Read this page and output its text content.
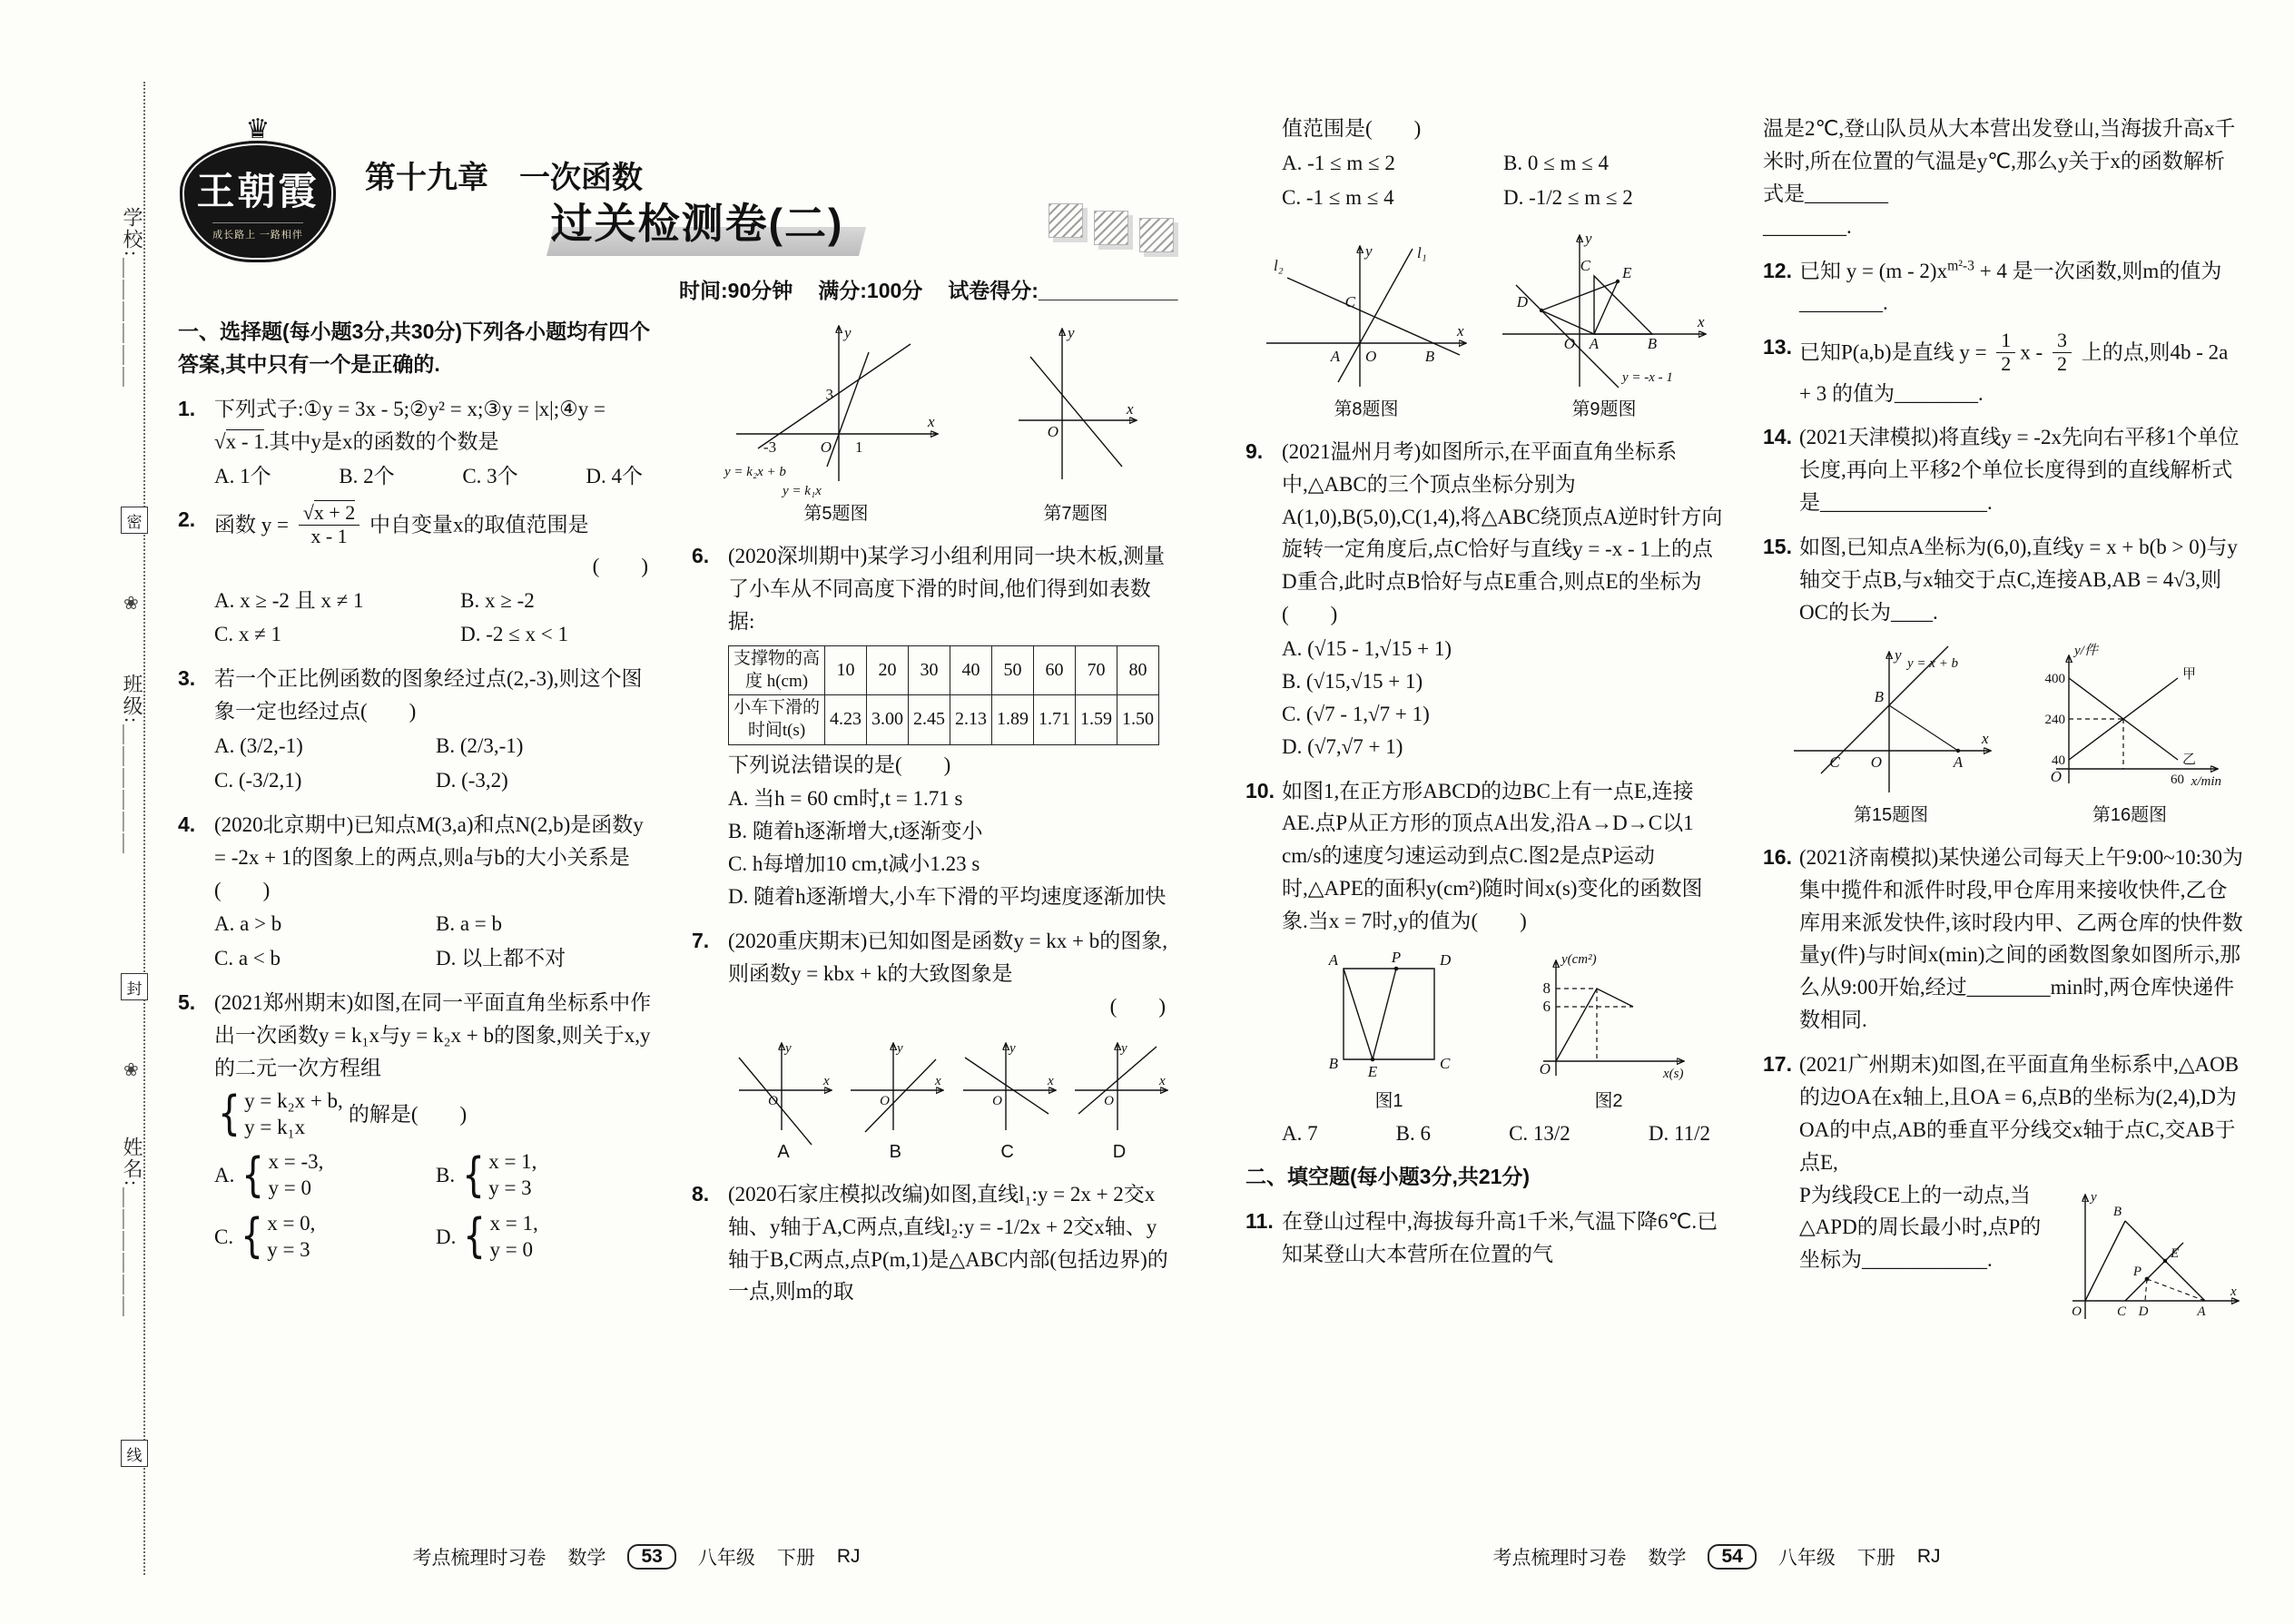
学校:＿＿＿＿＿＿
密
❀
班级:＿＿＿＿＿＿
封
❀
姓名:＿＿＿＿＿＿
线
♛
王朝霞
成长路上 一路相伴
第十九章　一次函数
过关检测卷(二)
时间:90分钟 满分:100分 试卷得分:____________
一、选择题(每小题3分,共30分)下列各小题均有四个答案,其中只有一个是正确的.
1. 下列式子:①y = 3x - 5;②y² = x;③y = |x|;④y = √x - 1.其中y是x的函数的个数是
A. 1个	B. 2个	C. 3个	D. 4个
2. 函数 $y = \frac{√x + 2}{x - 1}$ 中自变量x的取值范围是
(　　)
A. x ≥ -2 且 x ≠ 1	B. x ≥ -2
C. x ≠ 1	D. -2 ≤ x < 1
3. 若一个正比例函数的图象经过点(2,-3),则这个图象一定也经过点(　　)
A. (3/2,-1)	B. (2/3,-1)
C. (-3/2,1)	D. (-3,2)
4. (2020北京期中)已知点M(3,a)和点N(2,b)是函数y = -2x + 1的图象上的两点,则a与b的大小关系是(　　)
A. a > b	B. a = b
C. a < b	D. 以上都不对
5. (2021郑州期末)如图,在同一平面直角坐标系中作出一次函数y = k₁x与y = k₂x + b的图象,则关于x,y的二元一次方程组
{ y = k₂x + b,
y = k₁x
的解是(　　)
A. { x = -3,
y = 0
B. { x = 1,
y = 3
C. { x = 0,
y = 3
D. { x = 1,
y = 0
3
-3	O 1
y
x
y = k₂x + b
y = k₁x
第5题图
y
O
x
第7题图
6. (2020深圳期中)某学习小组利用同一块木板,测量了小车从不同高度下滑的时间,他们得到如表数据:
支撑物的高度 h(cm)	10	20	30	40	50	60	70	80
小车下滑的时间t(s)	4.23	3.00	2.45	2.13	1.89	1.71	1.59	1.50
下列说法错误的是(　　)
A. 当h = 60 cm时,t = 1.71 s
B. 随着h逐渐增大,t逐渐变小
C. h每增加10 cm,t减小1.23 s
D. 随着h逐渐增大,小车下滑的平均速度逐渐加快
7. (2020重庆期末)已知如图是函数y = kx + b的图象,则函数y = kbx + k的大致图象是
(　　)
y
O
x
A
y
O
x
B
y
O
x
C
y
O
x
D
8. (2020石家庄模拟改编)如图,直线l₁:y = 2x + 2交x轴、y轴于A,C两点,直线l₂:y = -1/2x + 2交x轴、y轴于B,C两点,点P(m,1)是△ABC内部(包括边界)的一点,则m的取
值范围是(　　)
A. -1 ≤ m ≤ 2	B. 0 ≤ m ≤ 4
C. -1 ≤ m ≤ 4	D. -1/2 ≤ m ≤ 2
l₂
y	l₁
C
A O	B
x
第8题图
y
C E
D
O A	B
x
y = -x - 1
第9题图
9. (2021温州月考)如图所示,在平面直角坐标系中,△ABC的三个顶点坐标分别为A(1,0),B(5,0),C(1,4),将△ABC绕顶点A逆时针方向旋转一定角度后,点C恰好与直线y = -x - 1上的点D重合,此时点B恰好与点E重合,则点E的坐标为(　　)
A. (√15 - 1,√15 + 1)
B. (√15,√15 + 1)
C. (√7 - 1,√7 + 1)
D. (√7,√7 + 1)
10. 如图1,在正方形ABCD的边BC上有一点E,连接AE.点P从正方形的顶点A出发,沿A→D→C以1 cm/s的速度匀速运动到点C.图2是点P运动时,△APE的面积y(cm²)随时间x(s)变化的函数图象.当x = 7时,y的值为(　　)
A	P	D
B E	C
图1
8
6
y(cm²)
x(s)
O
图2
A. 7	B. 6	C. 13/2	D. 11/2
二、填空题(每小题3分,共21分)
11. 在登山过程中,海拔每升高1千米,气温下降6℃.已知某登山大本营所在位置的气
温是2℃,登山队员从大本营出发登山,当海拔升高x千米时,所在位置的气温是y℃,那么y关于x的函数解析式是________
________.
12. 已知 $y = (m - 2)x^{m^2-3} + 4$ 是一次函数,则m的值为________.
13. 已知P(a,b)是直线 $y = \frac{1}{2}$ x - $\frac{3}{2}$ 上的点,则4b - 2a + 3 的值为________.
14. (2021天津模拟)将直线y = -2x先向右平移1个单位长度,再向上平移2个单位长度得到的直线解析式是________________.
15. 如图,已知点A坐标为(6,0),直线y = x + b(b > 0)与y轴交于点B,与x轴交于点C,连接AB,AB = 4√3,则OC的长为____.
y
B
y = x + b
C O	A
x
第15题图
400
240
40
y/件
O	60 x/min
甲
乙
第16题图
16. (2021济南模拟)某快递公司每天上午9:00~10:30为集中揽件和派件时段,甲仓库用来接收快件,乙仓库用来派发快件,该时段内甲、乙两仓库的快件数量y(件)与时间x(min)之间的函数图象如图所示,那么从9:00开始,经过________min时,两仓库快递件数相同.
17. (2021广州期末)如图,在平面直角坐标系中,△AOB的边OA在x轴上,且OA = 6,点B的坐标为(2,4),D为OA的中点,AB的垂直平分线交x轴于点C,交AB于点E,
y
B
E
P
O	C D	A
x
P为线段CE上的一动点,当△APD的周长最小时,点P的坐标为____________.
考点梳理时习卷 数学	53	八年级 下册 RJ	考点梳理时习卷 数学	54	八年级 下册 RJ
